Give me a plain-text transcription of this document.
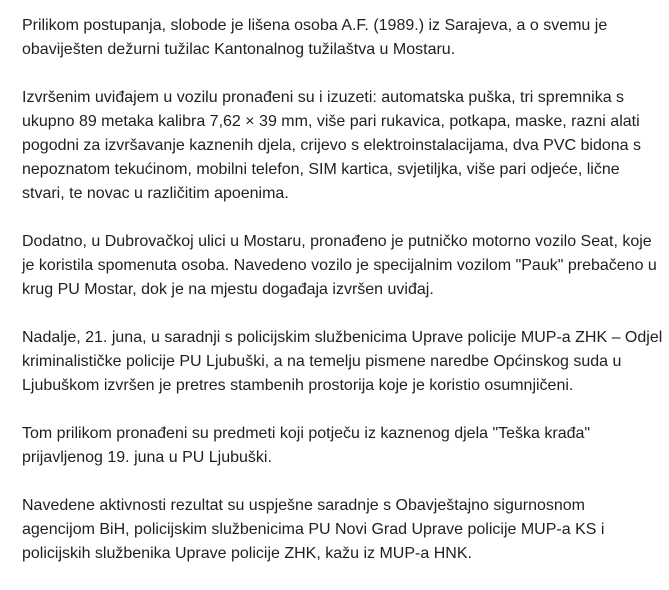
Prilikom postupanja, slobode je lišena osoba A.F. (1989.) iz Sarajeva, a o svemu je
obaviješten dežurni tužilac Kantonalnog tužilaštva u Mostaru.

Izvršenim uviđajem u vozilu pronađeni su i izuzeti: automatska puška, tri spremnika s
ukupno 89 metaka kalibra 7,62 × 39 mm, više pari rukavica, potkapa, maske, razni alati
pogodni za izvršavanje kaznenih djela, crijevo s elektroinstalacijama, dva PVC bidona s
nepoznatom tekućinom, mobilni telefon, SIM kartica, svjetiljka, više pari odjeće, lične
stvari, te novac u različitim apoenima.

Dodatno, u Dubrovačkoj ulici u Mostaru, pronađeno je putničko motorno vozilo Seat, koje
je koristila spomenuta osoba. Navedeno vozilo je specijalnim vozilom "Pauk" prebačeno u
krug PU Mostar, dok je na mjestu događaja izvršen uviđaj.

Nadalje, 21. juna, u saradnji s policijskim službenicima Uprave policije MUP-a ZHK – Odjel
kriminalističke policije PU Ljubuški, a na temelju pismene naredbe Općinskog suda u
Ljubuškom izvršen je pretres stambenih prostorija koje je koristio osumnjičeni.

Tom prilikom pronađeni su predmeti koji potječu iz kaznenog djela "Teška krađa"
prijavljenog 19. juna u PU Ljubuški.

Navedene aktivnosti rezultat su uspješne saradnje s Obavještajno sigurnosnom
agencijom BiH, policijskim službenicima PU Novi Grad Uprave policije MUP-a KS i
policijskih službenika Uprave policije ZHK, kažu iz MUP-a HNK.
